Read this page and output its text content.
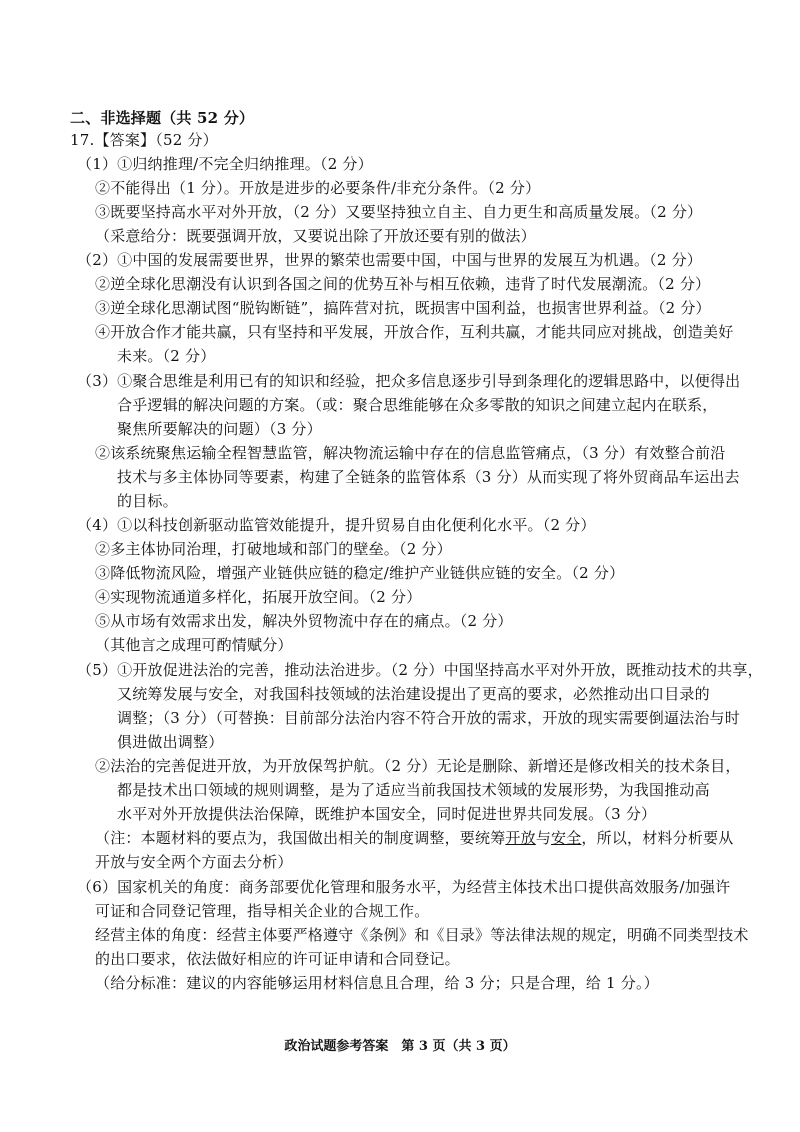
二、非选择题（共 52 分）
17.【答案】（52 分）
（1）①归纳推理/不完全归纳推理。（2 分）
②不能得出（1 分）。开放是进步的必要条件/非充分条件。（2 分）
③既要坚持高水平对外开放，（2 分）又要坚持独立自主、自力更生和高质量发展。（2 分）
（采意给分：既要强调开放，又要说出除了开放还要有别的做法）
（2）①中国的发展需要世界，世界的繁荣也需要中国，中国与世界的发展互为机遇。（2 分）
②逆全球化思潮没有认识到各国之间的优势互补与相互依赖，违背了时代发展潮流。（2 分）
③逆全球化思潮试图“脱钩断链”，搞阵营对抗，既损害中国利益，也损害世界利益。（2 分）
④开放合作才能共赢，只有坚持和平发展，开放合作，互利共赢，才能共同应对挑战，创造美好
未来。（2 分）
（3）①聚合思维是利用已有的知识和经验，把众多信息逐步引导到条理化的逻辑思路中，以便得出
合乎逻辑的解决问题的方案。（或：聚合思维能够在众多零散的知识之间建立起内在联系，
聚焦所要解决的问题）（3 分）
②该系统聚焦运输全程智慧监管，解决物流运输中存在的信息监管痛点，（3 分）有效整合前沿
技术与多主体协同等要素，构建了全链条的监管体系（3 分）从而实现了将外贸商品车运出去
的目标。
（4）①以科技创新驱动监管效能提升，提升贸易自由化便利化水平。（2 分）
②多主体协同治理，打破地域和部门的壁垒。（2 分）
③降低物流风险，增强产业链供应链的稳定/维护产业链供应链的安全。（2 分）
④实现物流通道多样化，拓展开放空间。（2 分）
⑤从市场有效需求出发，解决外贸物流中存在的痛点。（2 分）
（其他言之成理可酌情赋分）
（5）①开放促进法治的完善，推动法治进步。（2 分）中国坚持高水平对外开放，既推动技术的共享，
又统筹发展与安全，对我国科技领域的法治建设提出了更高的要求，必然推动出口目录的
调整；（3 分）（可替换：目前部分法治内容不符合开放的需求，开放的现实需要倒逼法治与时
俱进做出调整）
②法治的完善促进开放，为开放保驾护航。（2 分）无论是删除、新增还是修改相关的技术条目，
都是技术出口领域的规则调整，是为了适应当前我国技术领域的发展形势，为我国推动高
水平对外开放提供法治保障，既维护本国安全，同时促进世界共同发展。（3 分）
（注：本题材料的要点为，我国做出相关的制度调整，要统筹开放与安全，所以，材料分析要从
开放与安全两个方面去分析）
（6）国家机关的角度：商务部要优化管理和服务水平，为经营主体技术出口提供高效服务/加强许
可证和合同登记管理，指导相关企业的合规工作。
经营主体的角度：经营主体要严格遵守《条例》和《目录》等法律法规的规定，明确不同类型技术
的出口要求，依法做好相应的许可证申请和合同登记。
（给分标准：建议的内容能够运用材料信息且合理，给 3 分；只是合理，给 1 分。）
政治试题参考答案　第 3 页（共 3 页）
